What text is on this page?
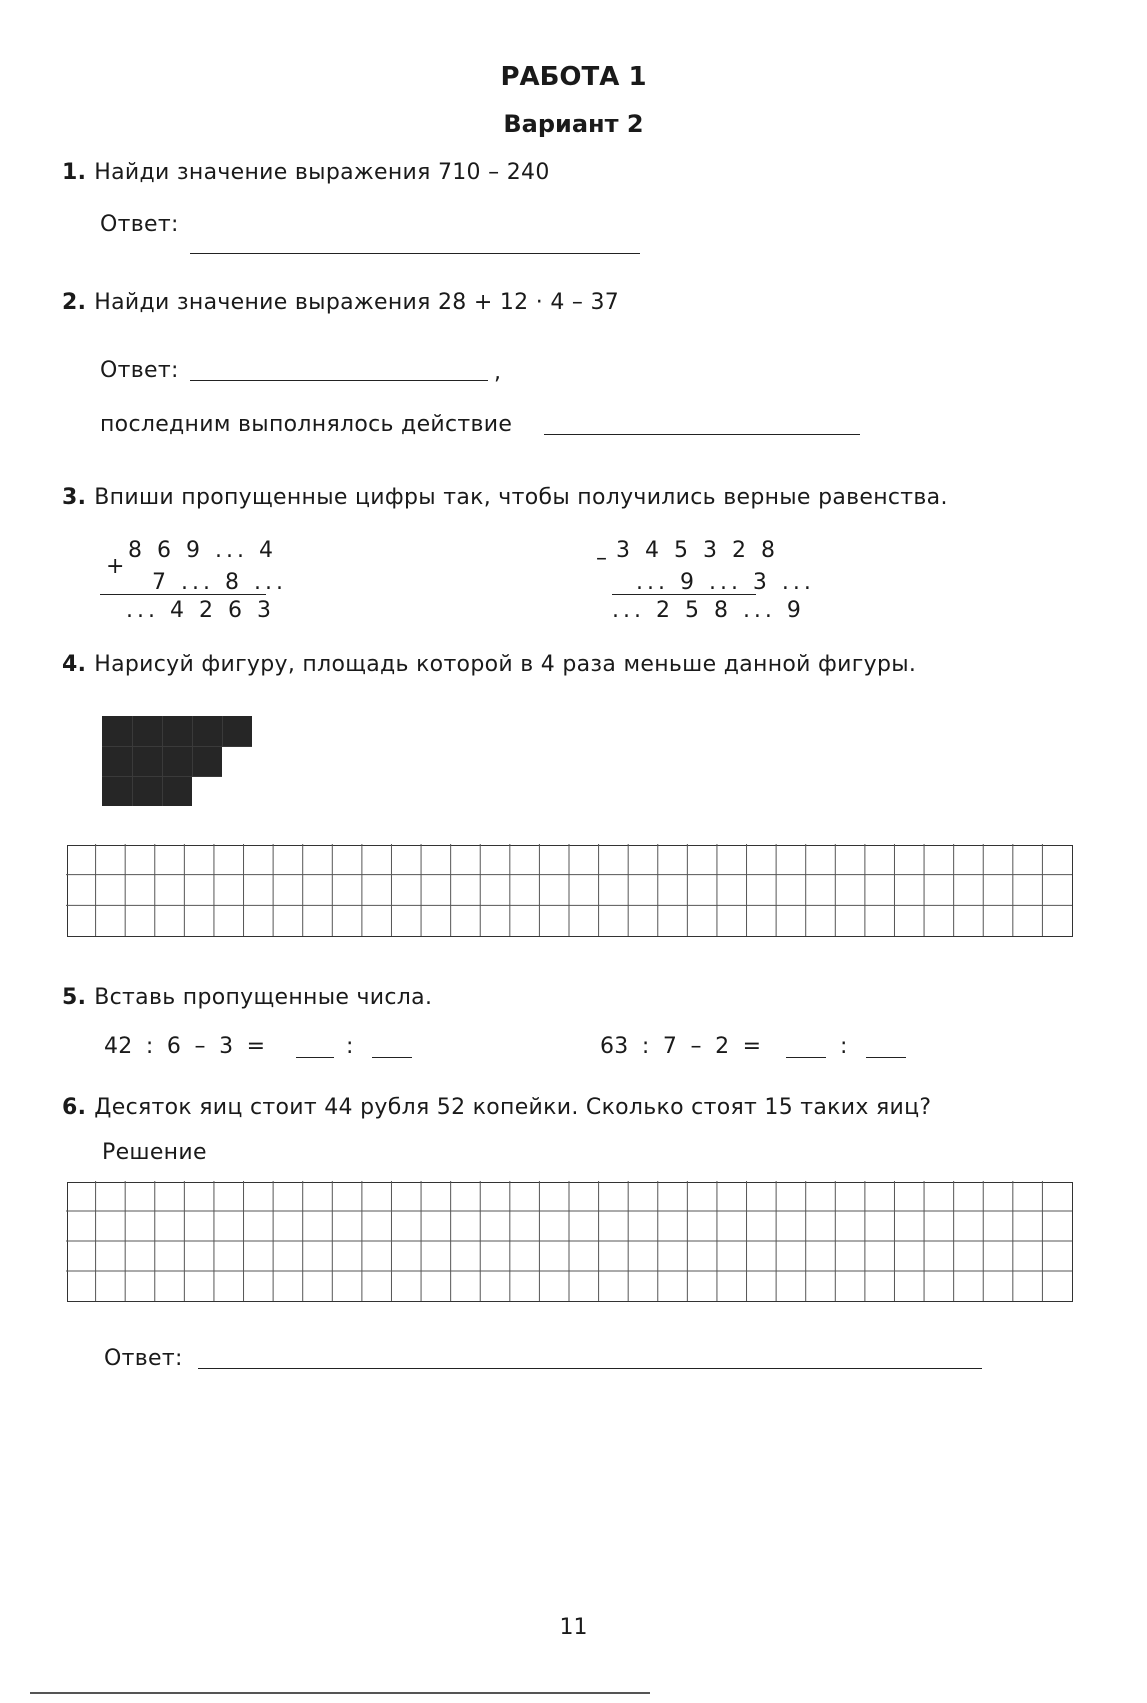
РАБОТА 1
Вариант 2
1. Найди значение выражения 710 – 240
Ответ:
2. Найди значение выражения 28 + 12 · 4 – 37
Ответ:	,
последним выполнялось действие
3. Впиши пропущенные цифры так, чтобы получились верные равенства.
8 6 9 ... 4
+
7 ... 8 ...
... 4 2 6 3
3 4 5 3 2 8
–
... 9 ... 3 ...
... 2 5 8 ... 9
4. Нарисуй фигуру, площадь которой в 4 раза меньше данной фигуры.
5. Вставь пропущенные числа.
42 : 6 – 3 =	:	63 : 7 – 2 =	:
6. Десяток яиц стоит 44 рубля 52 копейки. Сколько стоят 15 таких яиц?
Решение
Ответ:
11
